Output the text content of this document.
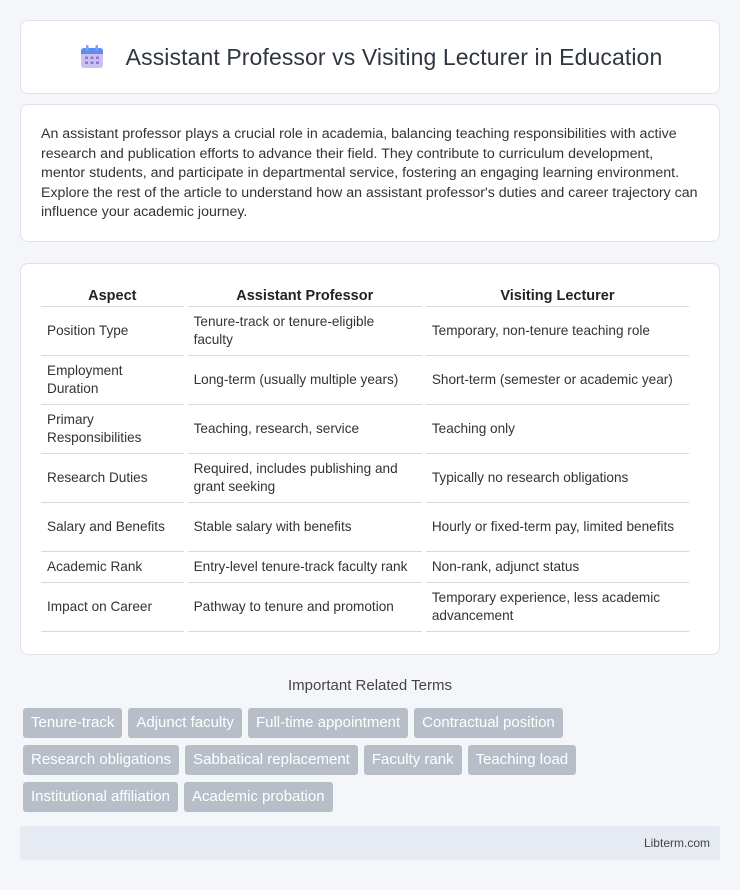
Assistant Professor vs Visiting Lecturer in Education

An assistant professor plays a crucial role in academia, balancing teaching responsibilities with active research and publication efforts to advance their field. They contribute to curriculum development, mentor students, and participate in departmental service, fostering an engaging learning environment. Explore the rest of the article to understand how an assistant professor's duties and career trajectory can influence your academic journey.

Aspect	Assistant Professor	Visiting Lecturer
Position Type	Tenure-track or tenure-eligible faculty	Temporary, non-tenure teaching role
Employment Duration	Long-term (usually multiple years)	Short-term (semester or academic year)
Primary Responsibilities	Teaching, research, service	Teaching only
Research Duties	Required, includes publishing and grant seeking	Typically no research obligations
Salary and Benefits	Stable salary with benefits	Hourly or fixed-term pay, limited benefits
Academic Rank	Entry-level tenure-track faculty rank	Non-rank, adjunct status
Impact on Career	Pathway to tenure and promotion	Temporary experience, less academic advancement
Important Related Terms
Tenure-track	Adjunct faculty	Full-time appointment	Contractual position
Research obligations	Sabbatical replacement	Faculty rank	Teaching load
Institutional affiliation	Academic probation
Libterm.com
